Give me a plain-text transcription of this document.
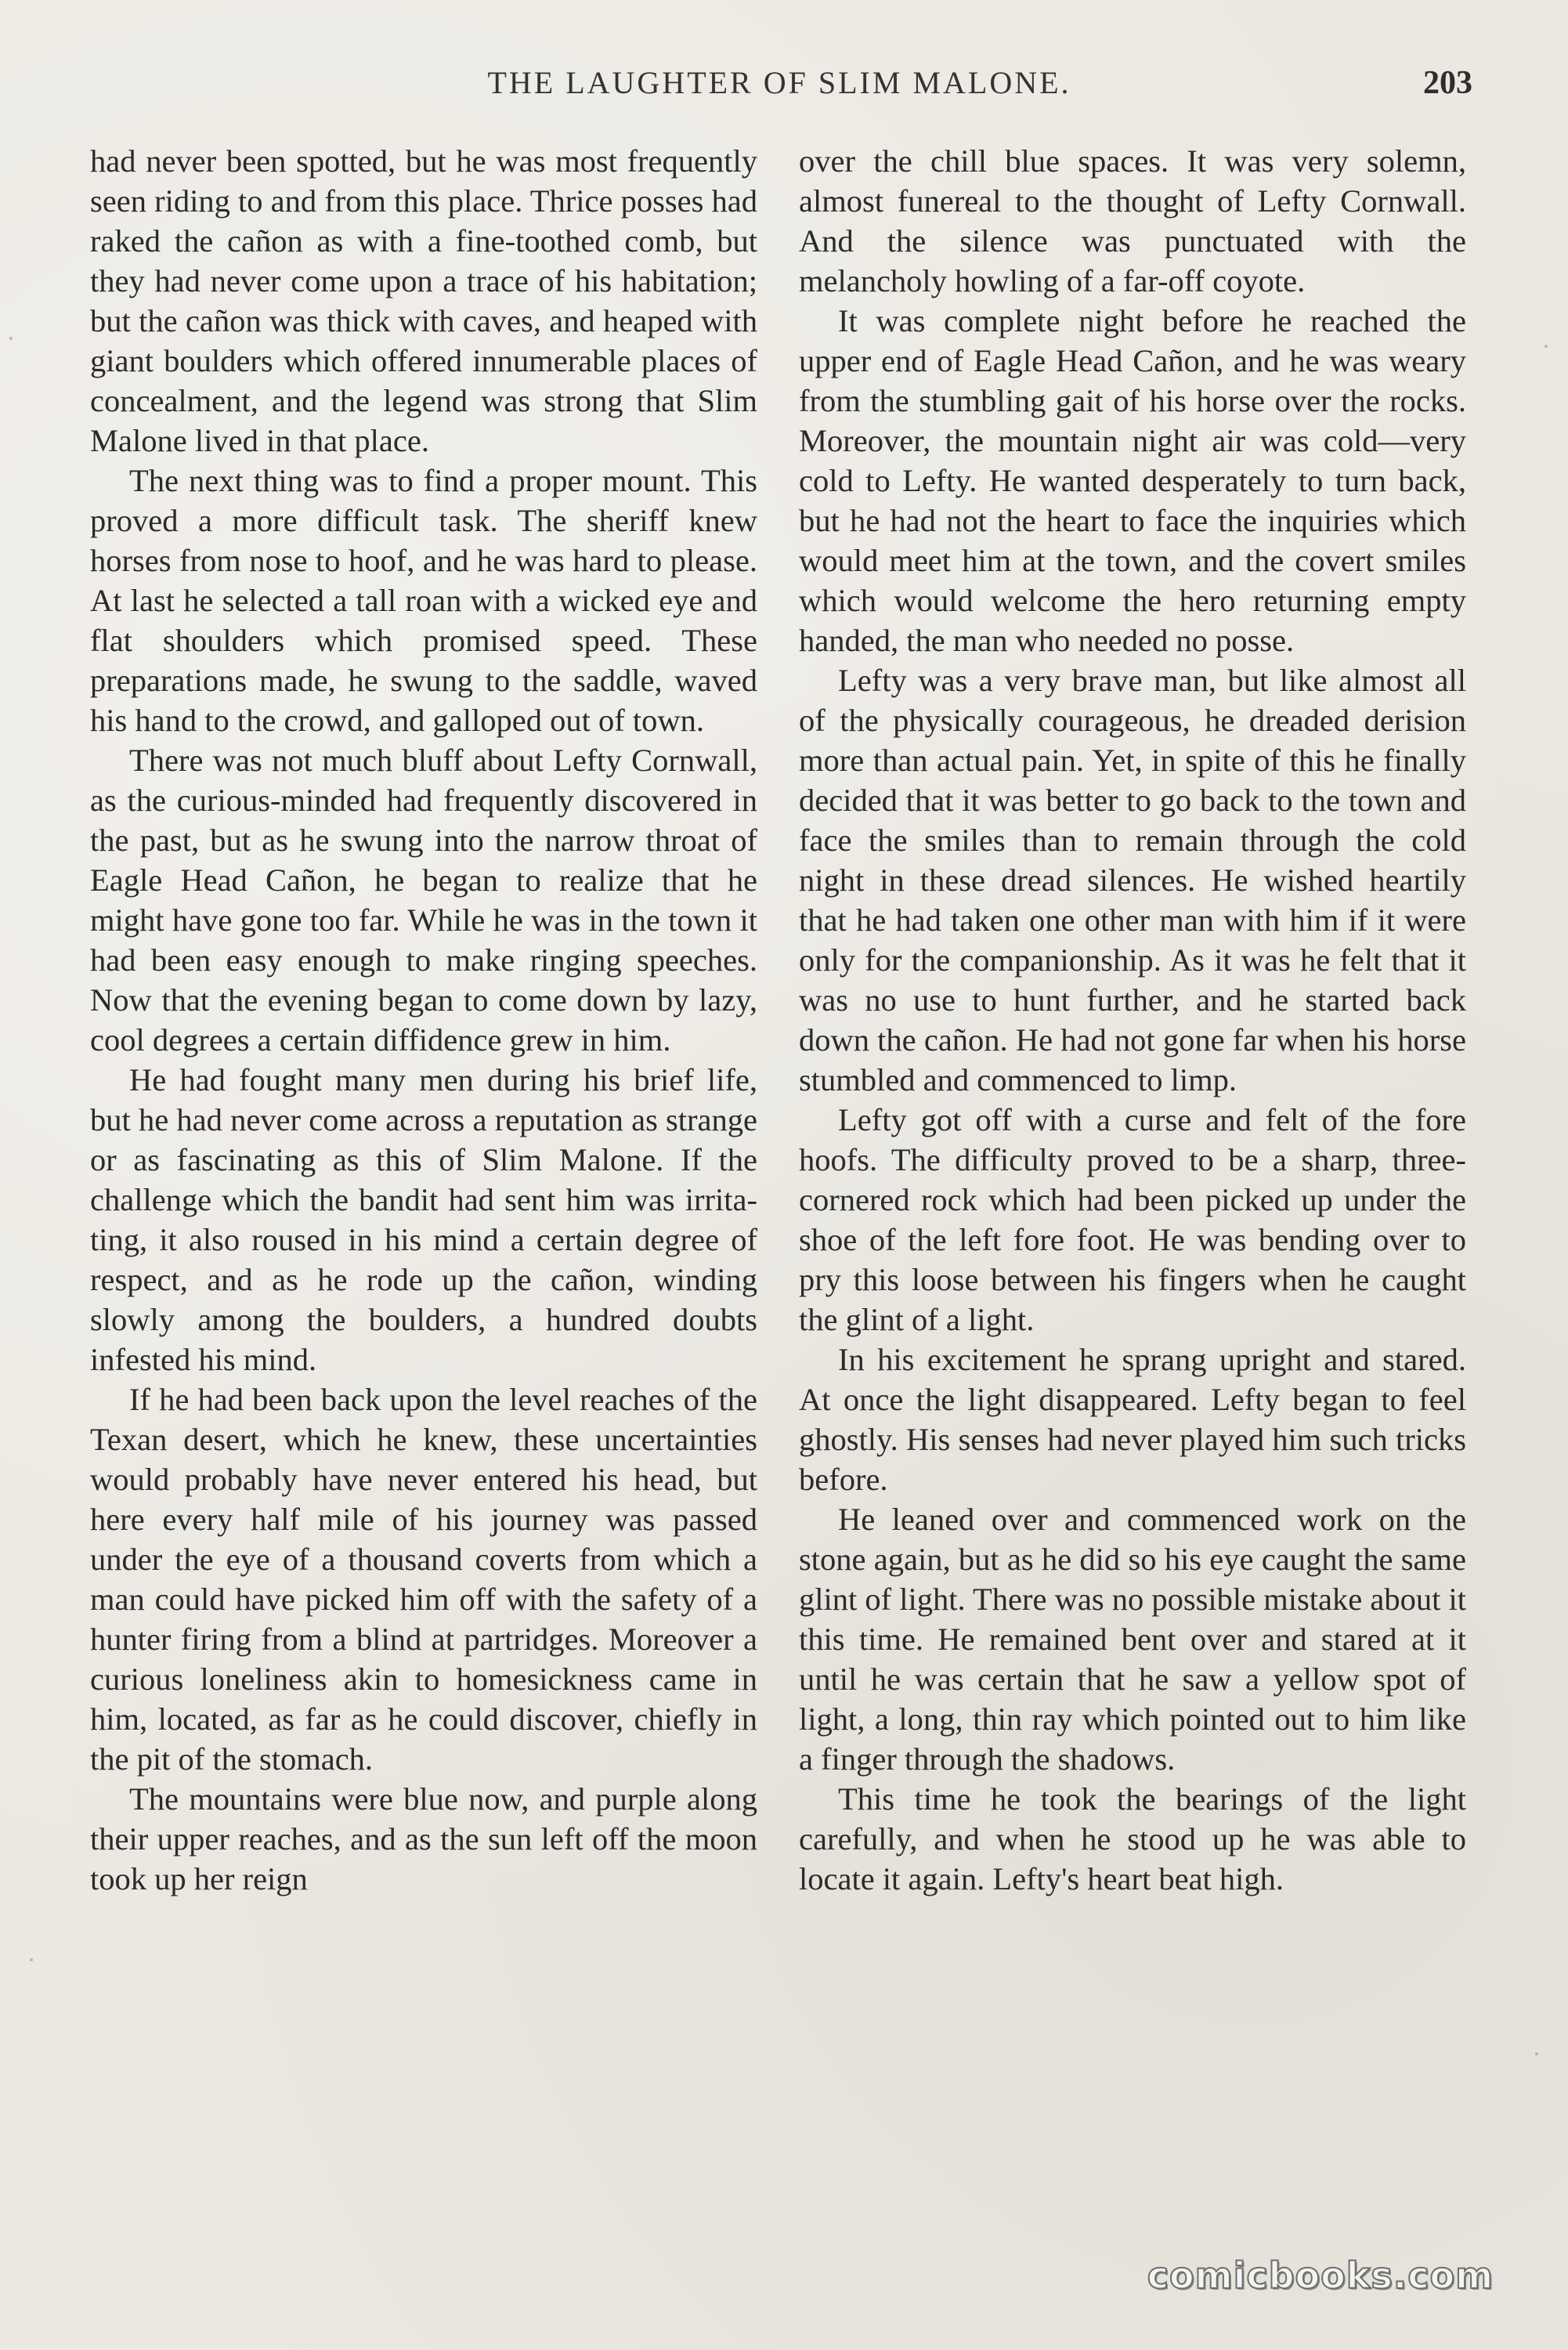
THE LAUGHTER OF SLIM MALONE.	203

had never been spotted, but he was most frequently seen riding to and from this place. Thrice posses had raked the cañon as with a fine-toothed comb, but they had never come upon a trace of his habitation; but the cañon was thick with caves, and heaped with giant boulders which offered innumerable places of concealment, and the legend was strong that Slim Malone lived in that place.

The next thing was to find a proper mount. This proved a more difficult task. The sheriff knew horses from nose to hoof, and he was hard to please. At last he selected a tall roan with a wicked eye and flat shoulders which promised speed. These preparations made, he swung to the saddle, waved his hand to the crowd, and galloped out of town.

There was not much bluff about Lefty Cornwall, as the curious-minded had frequently discovered in the past, but as he swung into the narrow throat of Eagle Head Cañon, he began to realize that he might have gone too far. While he was in the town it had been easy enough to make ringing speeches. Now that the evening began to come down by lazy, cool degrees a certain diffidence grew in him.

He had fought many men during his brief life, but he had never come across a reputation as strange or as fascinating as this of Slim Malone. If the challenge which the bandit had sent him was irritating, it also roused in his mind a certain degree of respect, and as he rode up the cañon, winding slowly among the boulders, a hundred doubts infested his mind.

If he had been back upon the level reaches of the Texan desert, which he knew, these uncertainties would probably have never entered his head, but here every half mile of his journey was passed under the eye of a thousand coverts from which a man could have picked him off with the safety of a hunter firing from a blind at partridges. Moreover a curious loneliness akin to homesickness came in him, located, as far as he could discover, chiefly in the pit of the stomach.

The mountains were blue now, and purple along their upper reaches, and as the sun left off the moon took up her reign

over the chill blue spaces. It was very solemn, almost funereal to the thought of Lefty Cornwall. And the silence was punctuated with the melancholy howling of a far-off coyote.

It was complete night before he reached the upper end of Eagle Head Cañon, and he was weary from the stumbling gait of his horse over the rocks. Moreover, the mountain night air was cold—very cold to Lefty. He wanted desperately to turn back, but he had not the heart to face the inquiries which would meet him at the town, and the covert smiles which would welcome the hero returning empty handed, the man who needed no posse.

Lefty was a very brave man, but like almost all of the physically courageous, he dreaded derision more than actual pain. Yet, in spite of this he finally decided that it was better to go back to the town and face the smiles than to remain through the cold night in these dread silences. He wished heartily that he had taken one other man with him if it were only for the companionship. As it was he felt that it was no use to hunt further, and he started back down the cañon. He had not gone far when his horse stumbled and commenced to limp.

Lefty got off with a curse and felt of the fore hoofs. The difficulty proved to be a sharp, three-cornered rock which had been picked up under the shoe of the left fore foot. He was bending over to pry this loose between his fingers when he caught the glint of a light.

In his excitement he sprang upright and stared. At once the light disappeared. Lefty began to feel ghostly. His senses had never played him such tricks before.

He leaned over and commenced work on the stone again, but as he did so his eye caught the same glint of light. There was no possible mistake about it this time. He remained bent over and stared at it until he was certain that he saw a yellow spot of light, a long, thin ray which pointed out to him like a finger through the shadows.

This time he took the bearings of the light carefully, and when he stood up he was able to locate it again. Lefty's heart beat high.

comicbooks.com
